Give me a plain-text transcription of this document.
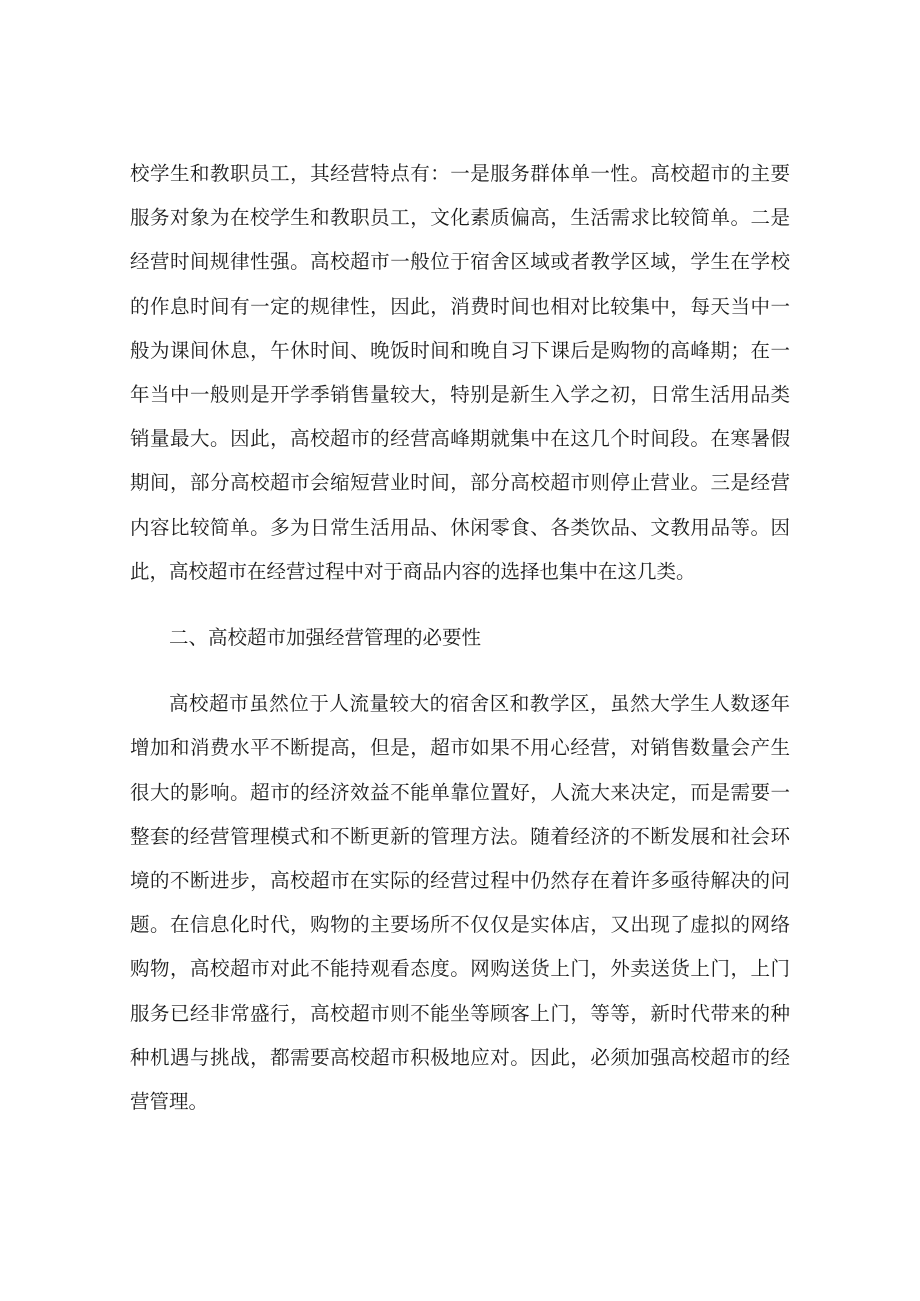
校学生和教职员工，其经营特点有：一是服务群体单一性。高校超市的主要服务对象为在校学生和教职员工，文化素质偏高，生活需求比较简单。二是经营时间规律性强。高校超市一般位于宿舍区域或者教学区域，学生在学校的作息时间有一定的规律性，因此，消费时间也相对比较集中，每天当中一般为课间休息，午休时间、晚饭时间和晚自习下课后是购物的高峰期；在一年当中一般则是开学季销售量较大，特别是新生入学之初，日常生活用品类销量最大。因此，高校超市的经营高峰期就集中在这几个时间段。在寒暑假期间，部分高校超市会缩短营业时间，部分高校超市则停止营业。三是经营内容比较简单。多为日常生活用品、休闲零食、各类饮品、文教用品等。因此，高校超市在经营过程中对于商品内容的选择也集中在这几类。

二、高校超市加强经营管理的必要性

高校超市虽然位于人流量较大的宿舍区和教学区，虽然大学生人数逐年增加和消费水平不断提高，但是，超市如果不用心经营，对销售数量会产生很大的影响。超市的经济效益不能单靠位置好，人流大来决定，而是需要一整套的经营管理模式和不断更新的管理方法。随着经济的不断发展和社会环境的不断进步，高校超市在实际的经营过程中仍然存在着许多亟待解决的问题。在信息化时代，购物的主要场所不仅仅是实体店，又出现了虚拟的网络购物，高校超市对此不能持观看态度。网购送货上门，外卖送货上门，上门服务已经非常盛行，高校超市则不能坐等顾客上门，等等，新时代带来的种种机遇与挑战，都需要高校超市积极地应对。因此，必须加强高校超市的经营管理。
